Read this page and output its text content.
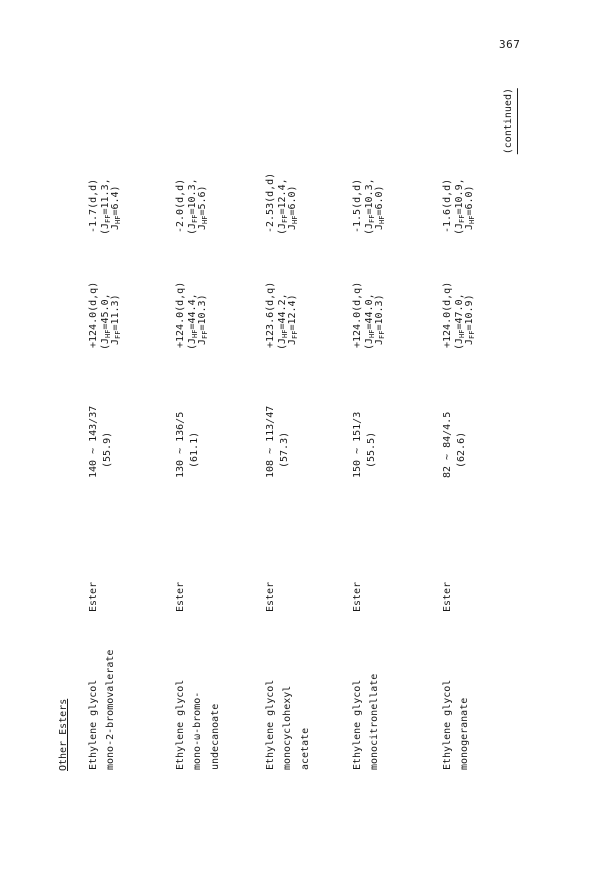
367
(continued)
Other Esters Ethylene glycol mono-2-bromovalerate
Ester
140 ~ 143/37 (55.9)
+124.0(d,q) ($J_{HF}=45.0$,
$J_{FF}=11.3$)
-1.7(d,d) ($J_{FF}=11.3$,
$J_{HF}=6.4$)
Ethylene glycol mono-ω-bromo- undecanoate
Ester
130 ~ 136/5 (61.1)
+124.0(d,q) ($J_{HF}=44.4$,
$J_{FF}=10.3$)
-2.0(d,d) ($J_{FF}=10.3$,
$J_{HF}=5.6$)
Ethylene glycol monocyclohexyl acetate
Ester
108 ~ 113/47 (57.3)
+123.6(d,q) ($J_{HF}=44.2$,
$J_{FF}=12.4$)
-2.53(d,d) ($J_{FF}=12.4$,
$J_{HF}=6.0$)
Ethylene glycol monocitronellate
Ester
150 ~ 151/3 (55.5)
+124.0(d,q) ($J_{HF}=44.0$,
$J_{FF}=10.3$)
-1.5(d,d) ($J_{FF}=10.3$,
$J_{HF}=6.0$)
Ethylene glycol monogeranate
Ester
82 ~ 84/4.5 (62.6)
+124.0(d,q) ($J_{HF}=47.0$,
$J_{FF}=10.9$)
-1.6(d,d) ($J_{FF}=10.9$,
$J_{HF}=6.0$)
